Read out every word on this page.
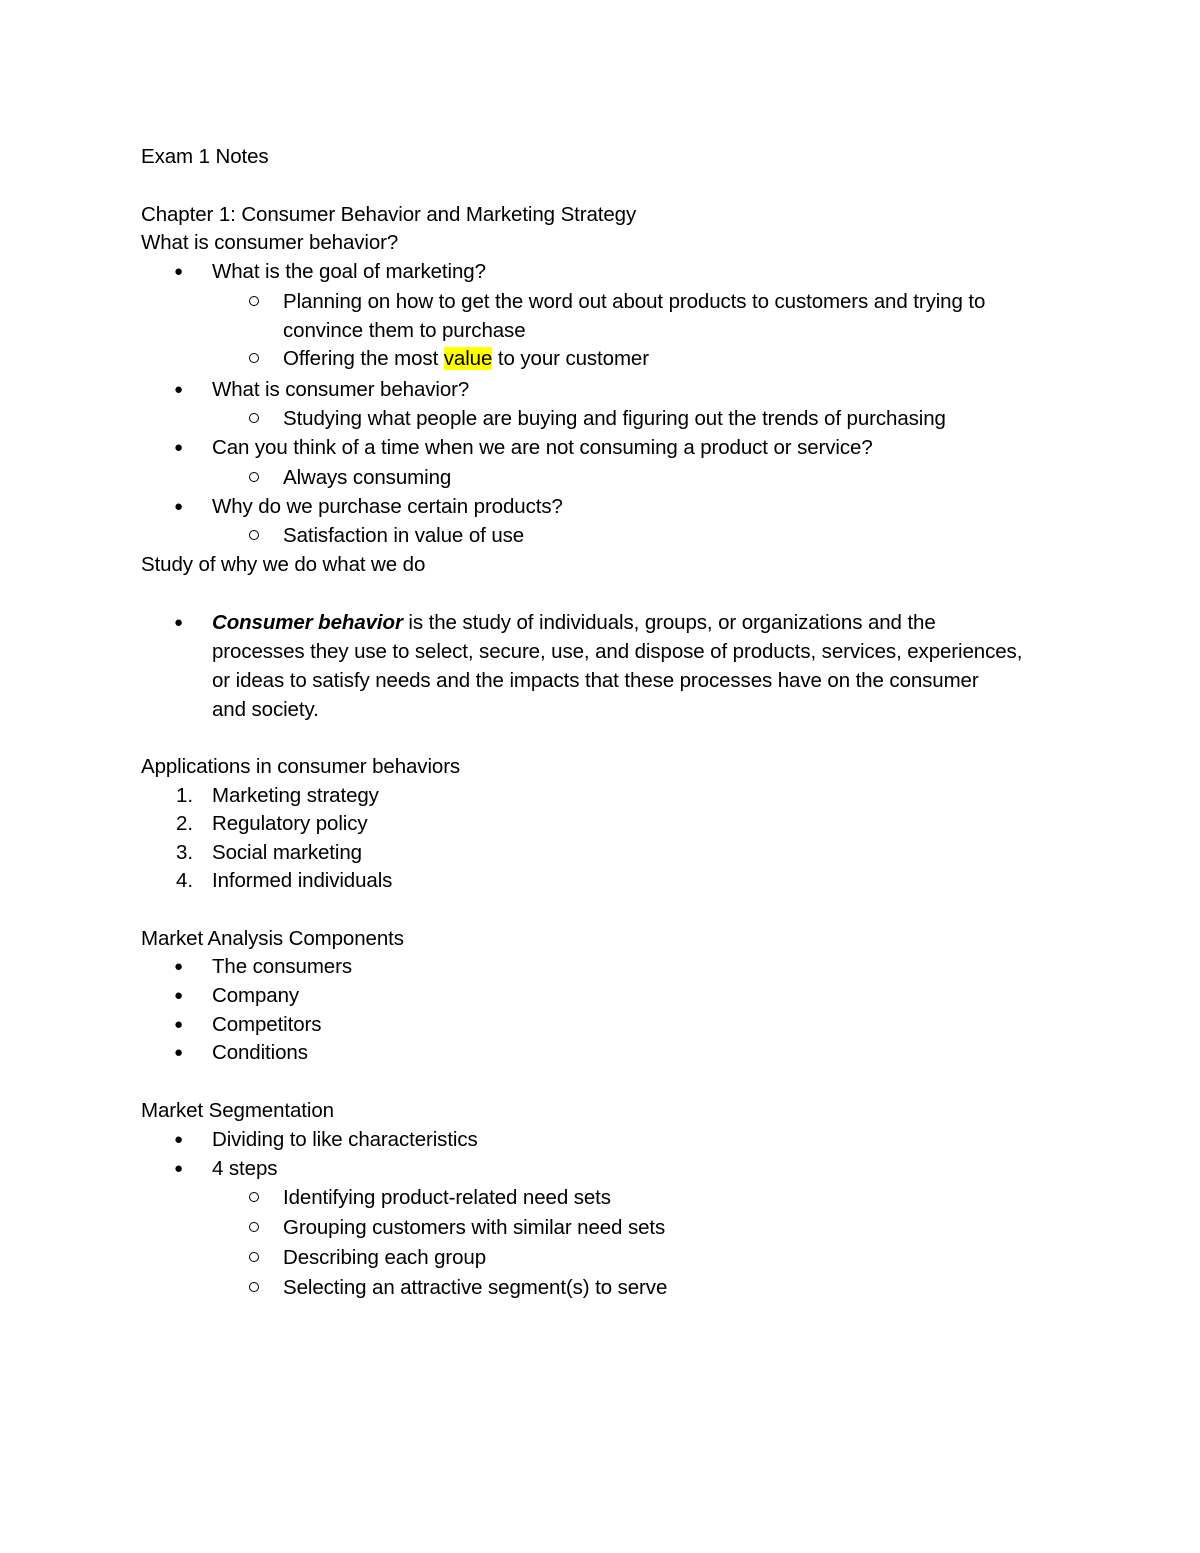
Exam 1 Notes
Chapter 1: Consumer Behavior and Marketing Strategy
What is consumer behavior?
● What is the goal of marketing?
Planning on how to get the word out about products to customers and trying to
convince them to purchase
Offering the most value to your customer
● What is consumer behavior?
Studying what people are buying and figuring out the trends of purchasing
● Can you think of a time when we are not consuming a product or service?
Always consuming
● Why do we purchase certain products?
Satisfaction in value of use
Study of why we do what we do
● Consumer behavior is the study of individuals, groups, or organizations and the
processes they use to select, secure, use, and dispose of products, services, experiences,
or ideas to satisfy needs and the impacts that these processes have on the consumer
and society.
Applications in consumer behaviors
1. Marketing strategy
2. Regulatory policy
3. Social marketing
4. Informed individuals
Market Analysis Components
● The consumers
● Company
● Competitors
● Conditions
Market Segmentation
● Dividing to like characteristics
● 4 steps
Identifying product-related need sets
Grouping customers with similar need sets
Describing each group
Selecting an attractive segment(s) to serve
